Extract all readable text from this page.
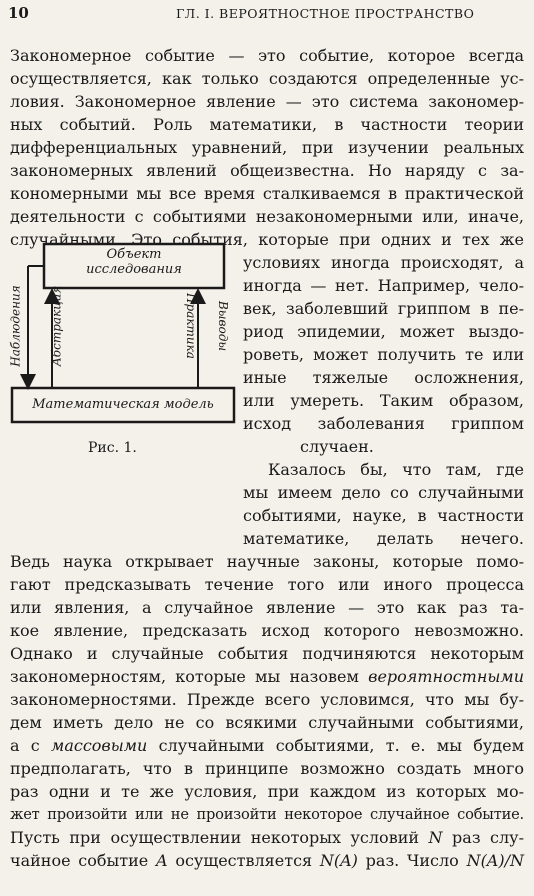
10	ГЛ. I. ВЕРОЯТНОСТНОЕ ПРОСТРАНСТВО
Закономерное событие — это событие, которое всегда
осуществляется, как только создаются определенные ус-
ловия. Закономерное явление — это система закономер-
ных событий. Роль математики, в частности теории
дифференциальных уравнений, при изучении реальных
закономерных явлений общеизвестна. Но наряду с за-
кономерными мы все время сталкиваемся в практической
деятельности с событиями незакономерными или, иначе,
случайными. Это события, которые при одних и тех же
условиях иногда происходят, а
иногда — нет. Например, чело-
век, заболевший гриппом в пе-
риод эпидемии, может выздо-
роветь, может получить те или
иные тяжелые осложнения,
или умереть. Таким образом,
исход заболевания гриппом
случаен.
Казалось бы, что там, где
мы имеем дело со случайными
событиями, науке, в частности
математике, делать нечего.
Объект
исследования
Математическая модель
Наблюдения Абстракция	Практика Выводы
Рис. 1.
Ведь наука открывает научные законы, которые помо-
гают предсказывать течение того или иного процесса
или явления, а случайное явление — это как раз та-
кое явление, предсказать исход которого невозможно.
Однако и случайные события подчиняются некоторым
закономерностям, которые мы назовем вероятностными
закономерностями. Прежде всего условимся, что мы бу-
дем иметь дело не со всякими случайными событиями,
а с массовыми случайными событиями, т. е. мы будем
предполагать, что в принципе возможно создать много
раз одни и те же условия, при каждом из которых мо-
жет произойти или не произойти некоторое случайное событие.
Пусть при осуществлении некоторых условий N раз слу-
чайное событие A осуществляется N(A) раз. Число N(A)/N
